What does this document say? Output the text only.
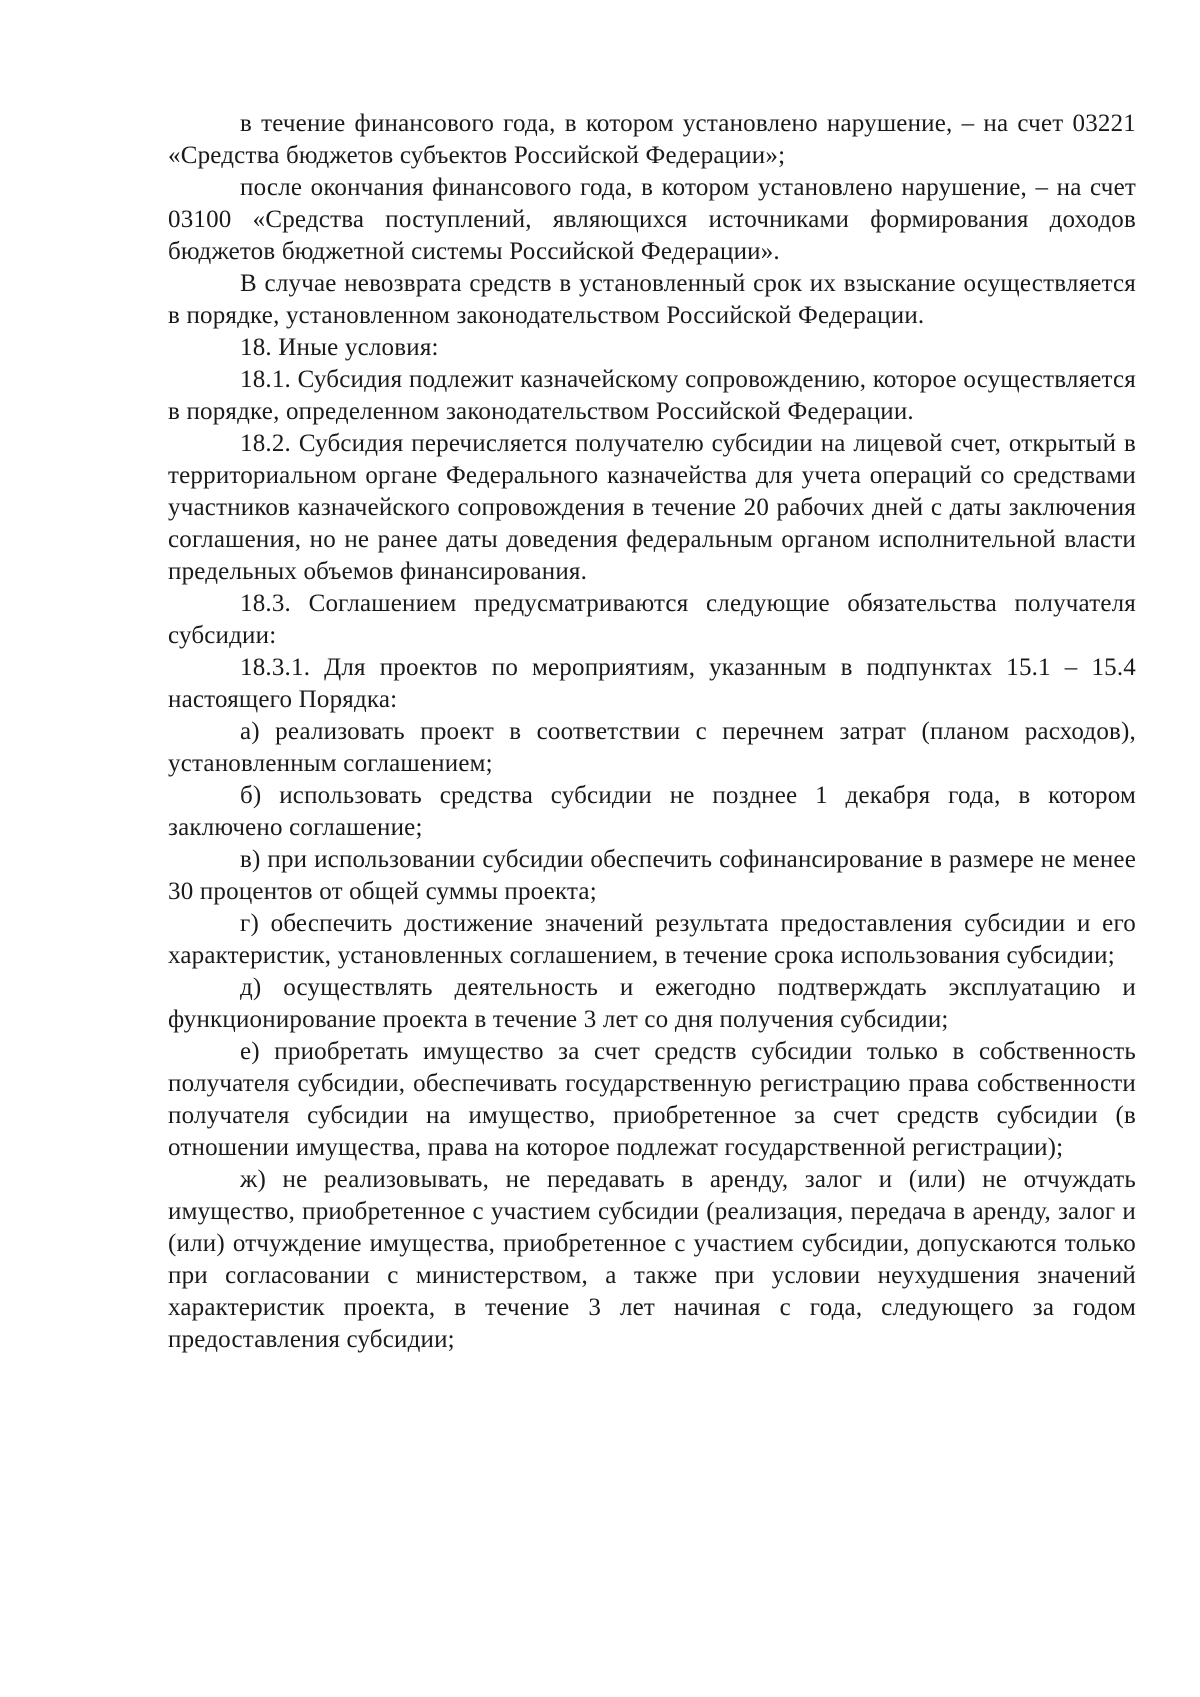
в течение финансового года, в котором установлено нарушение, – на счет 03221 «Средства бюджетов субъектов Российской Федерации»;

после окончания финансового года, в котором установлено нарушение, – на счет 03100 «Средства поступлений, являющихся источниками формирования доходов бюджетов бюджетной системы Российской Федерации».

В случае невозврата средств в установленный срок их взыскание осуществляется в порядке, установленном законодательством Российской Федерации.

18. Иные условия:

18.1. Субсидия подлежит казначейскому сопровождению, которое осуществляется в порядке, определенном законодательством Российской Федерации.

18.2. Субсидия перечисляется получателю субсидии на лицевой счет, открытый в территориальном органе Федерального казначейства для учета операций со средствами участников казначейского сопровождения в течение 20 рабочих дней с даты заключения соглашения, но не ранее даты доведения федеральным органом исполнительной власти предельных объемов финансирования.

18.3. Соглашением предусматриваются следующие обязательства получателя субсидии:

18.3.1. Для проектов по мероприятиям, указанным в подпунктах 15.1 – 15.4 настоящего Порядка:

а) реализовать проект в соответствии с перечнем затрат (планом расходов), установленным соглашением;

б) использовать средства субсидии не позднее 1 декабря года, в котором заключено соглашение;

в) при использовании субсидии обеспечить софинансирование в размере не менее 30 процентов от общей суммы проекта;

г) обеспечить достижение значений результата предоставления субсидии и его характеристик, установленных соглашением, в течение срока использования субсидии;

д) осуществлять деятельность и ежегодно подтверждать эксплуатацию и функционирование проекта в течение 3 лет со дня получения субсидии;

е) приобретать имущество за счет средств субсидии только в собственность получателя субсидии, обеспечивать государственную регистрацию права собственности получателя субсидии на имущество, приобретенное за счет средств субсидии (в отношении имущества, права на которое подлежат государственной регистрации);

ж) не реализовывать, не передавать в аренду, залог и (или) не отчуждать имущество, приобретенное с участием субсидии (реализация, передача в аренду, залог и (или) отчуждение имущества, приобретенное с участием субсидии, допускаются только при согласовании с министерством, а также при условии неухудшения значений характеристик проекта, в течение 3 лет начиная с года, следующего за годом предоставления субсидии;
